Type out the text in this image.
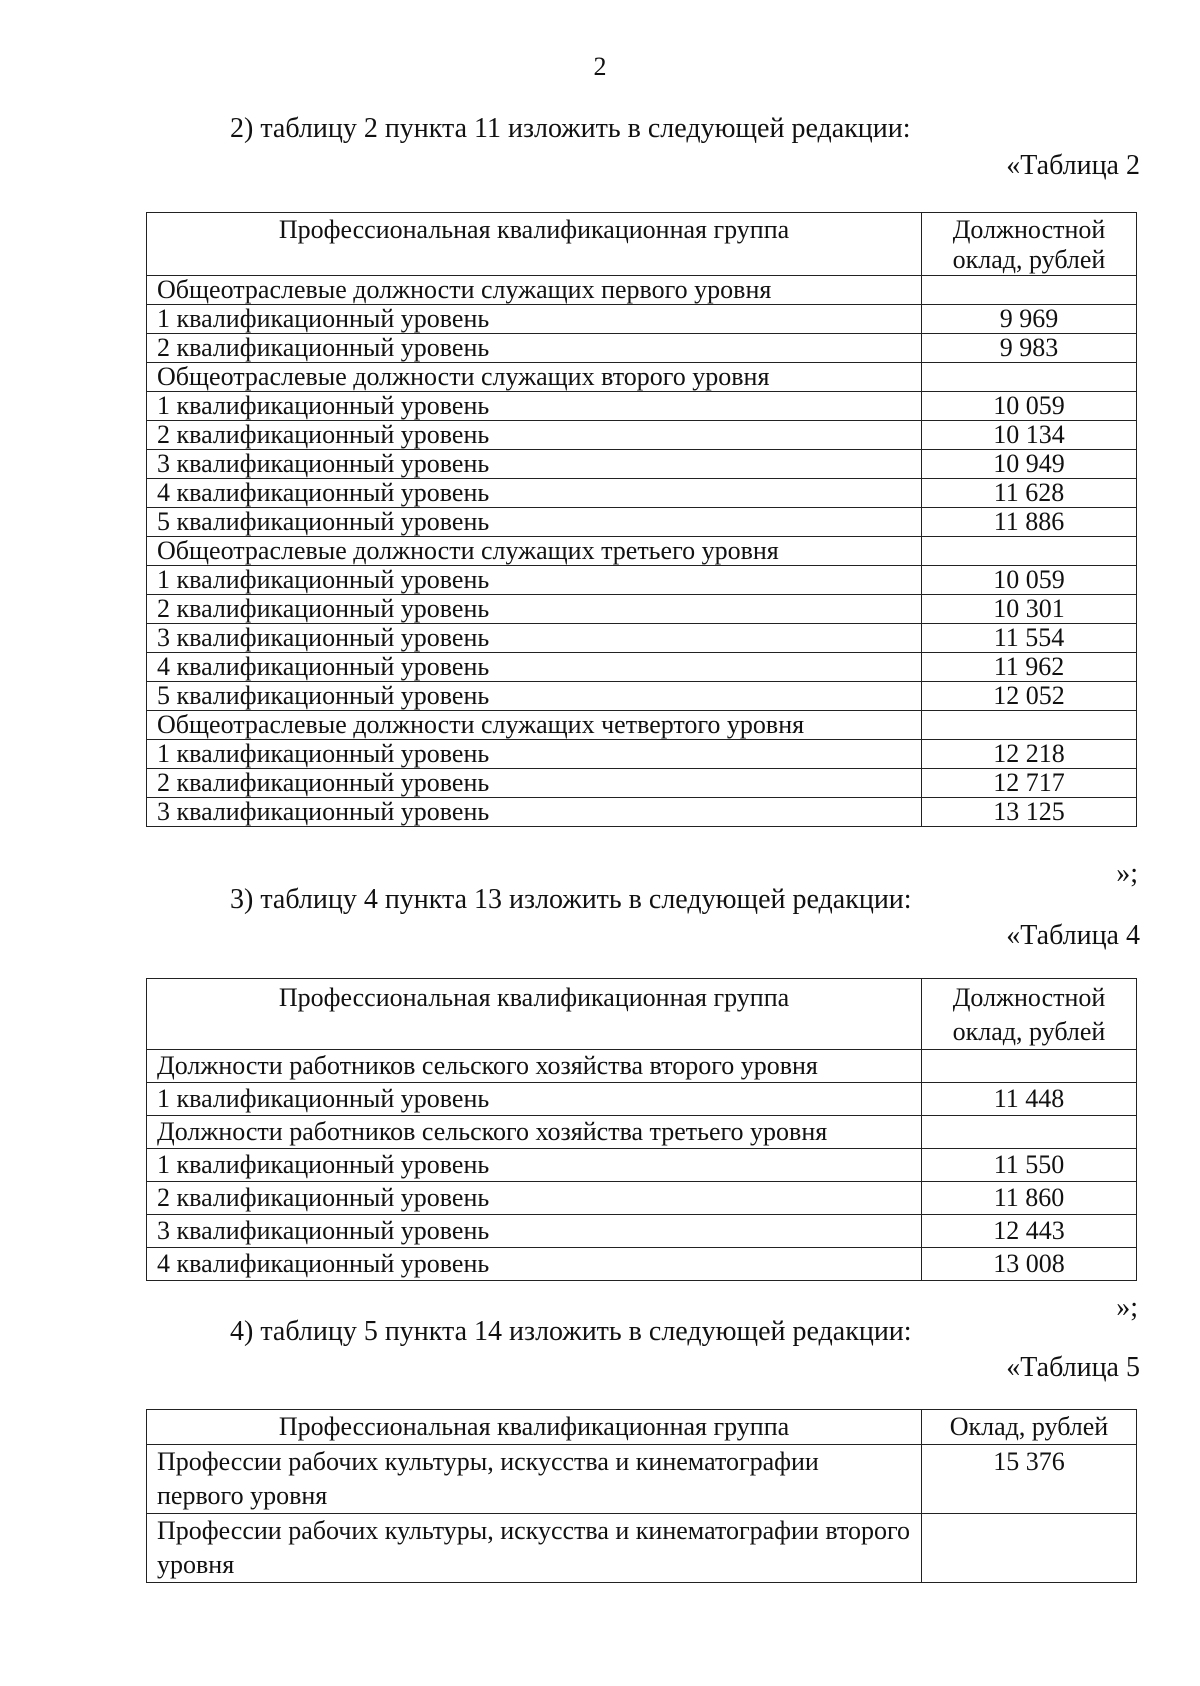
2
2) таблицу 2 пункта 11 изложить в следующей редакции:
«Таблица 2
Профессиональная квалификационная группа	Должностной оклад, рублей
Общеотраслевые должности служащих первого уровня	
1 квалификационный уровень	9 969
2 квалификационный уровень	9 983
Общеотраслевые должности служащих второго уровня	
1 квалификационный уровень	10 059
2 квалификационный уровень	10 134
3 квалификационный уровень	10 949
4 квалификационный уровень	11 628
5 квалификационный уровень	11 886
Общеотраслевые должности служащих третьего уровня	
1 квалификационный уровень	10 059
2 квалификационный уровень	10 301
3 квалификационный уровень	11 554
4 квалификационный уровень	11 962
5 квалификационный уровень	12 052
Общеотраслевые должности служащих четвертого уровня	
1 квалификационный уровень	12 218
2 квалификационный уровень	12 717
3 квалификационный уровень	13 125
»;
3) таблицу 4 пункта 13 изложить в следующей редакции:
«Таблица 4
Профессиональная квалификационная группа	Должностной оклад, рублей
Должности работников сельского хозяйства второго уровня	
1 квалификационный уровень	11 448
Должности работников сельского хозяйства третьего уровня	
1 квалификационный уровень	11 550
2 квалификационный уровень	11 860
3 квалификационный уровень	12 443
4 квалификационный уровень	13 008
»;
4) таблицу 5 пункта 14 изложить в следующей редакции:
«Таблица 5
Профессиональная квалификационная группа	Оклад, рублей
Профессии рабочих культуры, искусства и кинематографии первого уровня	15 376
Профессии рабочих культуры, искусства и кинематографии второго уровня	
